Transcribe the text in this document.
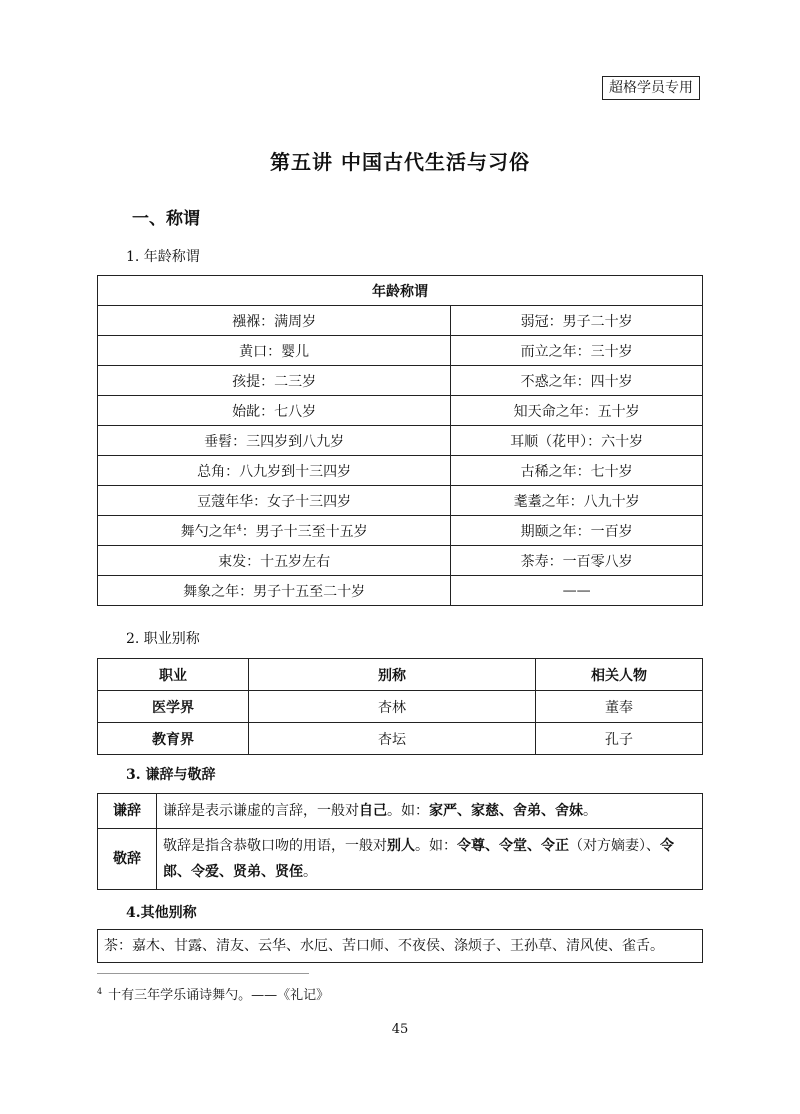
超格学员专用
第五讲 中国古代生活与习俗
一、称谓
1. 年龄称谓
年龄称谓	
襁褓：满周岁	弱冠：男子二十岁
黄口：婴儿	而立之年：三十岁
孩提：二三岁	不惑之年：四十岁
始龀：七八岁	知天命之年：五十岁
垂髫：三四岁到八九岁	耳顺（花甲）：六十岁
总角：八九岁到十三四岁	古稀之年：七十岁
豆蔻年华：女子十三四岁	耄耋之年：八九十岁
舞勺之年$^4$：男子十三至十五岁	期颐之年：一百岁
束发：十五岁左右	茶寿：一百零八岁
舞象之年：男子十五至二十岁	——
2. 职业别称
职业	别称	相关人物
医学界	杏林	董奉
教育界	杏坛	孔子
3. 谦辞与敬辞
谦辞	谦辞是表示谦虚的言辞，一般对自己。如：家严、家慈、舍弟、舍妹。
敬辞	敬辞是指含恭敬口吻的用语，一般对别人。如：令尊、令堂、令正（对方嫡妻）、令郎、令爱、贤弟、贤侄。
4.其他别称
茶：嘉木、甘露、清友、云华、水厄、苦口师、不夜侯、涤烦子、王孙草、清风使、雀舌。
$^4$ 十有三年学乐诵诗舞勺。——《礼记》
45
